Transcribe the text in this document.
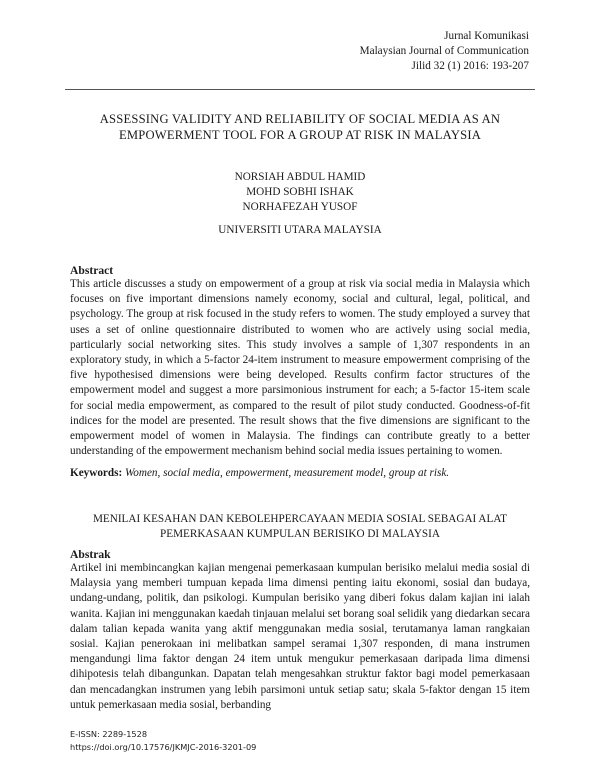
Jurnal Komunikasi
Malaysian Journal of Communication
Jilid 32 (1) 2016: 193-207
ASSESSING VALIDITY AND RELIABILITY OF SOCIAL MEDIA AS AN
EMPOWERMENT TOOL FOR A GROUP AT RISK IN MALAYSIA
NORSIAH ABDUL HAMID
MOHD SOBHI ISHAK
NORHAFEZAH YUSOF
UNIVERSITI UTARA MALAYSIA
Abstract
This article discusses a study on empowerment of a group at risk via social media in Malaysia which focuses on five important dimensions namely economy, social and cultural, legal, political, and psychology. The group at risk focused in the study refers to women. The study employed a survey that uses a set of online questionnaire distributed to women who are actively using social media, particularly social networking sites. This study involves a sample of 1,307 respondents in an exploratory study, in which a 5-factor 24-item instrument to measure empowerment comprising of the five hypothesised dimensions were being developed. Results confirm factor structures of the empowerment model and suggest a more parsimonious instrument for each; a 5-factor 15-item scale for social media empowerment, as compared to the result of pilot study conducted. Goodness-of-fit indices for the model are presented. The result shows that the five dimensions are significant to the empowerment model of women in Malaysia. The findings can contribute greatly to a better understanding of the empowerment mechanism behind social media issues pertaining to women.
Keywords: Women, social media, empowerment, measurement model, group at risk.
MENILAI KESAHAN DAN KEBOLEHPERCAYAAN MEDIA SOSIAL SEBAGAI ALAT
PEMERKASAAN KUMPULAN BERISIKO DI MALAYSIA
Abstrak
Artikel ini membincangkan kajian mengenai pemerkasaan kumpulan berisiko melalui media sosial di Malaysia yang memberi tumpuan kepada lima dimensi penting iaitu ekonomi, sosial dan budaya, undang-undang, politik, dan psikologi. Kumpulan berisiko yang diberi fokus dalam kajian ini ialah wanita. Kajian ini menggunakan kaedah tinjauan melalui set borang soal selidik yang diedarkan secara dalam talian kepada wanita yang aktif menggunakan media sosial, terutamanya laman rangkaian sosial. Kajian penerokaan ini melibatkan sampel seramai 1,307 responden, di mana instrumen mengandungi lima faktor dengan 24 item untuk mengukur pemerkasaan daripada lima dimensi dihipotesis telah dibangunkan. Dapatan telah mengesahkan struktur faktor bagi model pemerkasaan dan mencadangkan instrumen yang lebih parsimoni untuk setiap satu; skala 5-faktor dengan 15 item untuk pemerkasaan media sosial, berbanding
E-ISSN: 2289-1528
https://doi.org/10.17576/JKMJC-2016-3201-09
